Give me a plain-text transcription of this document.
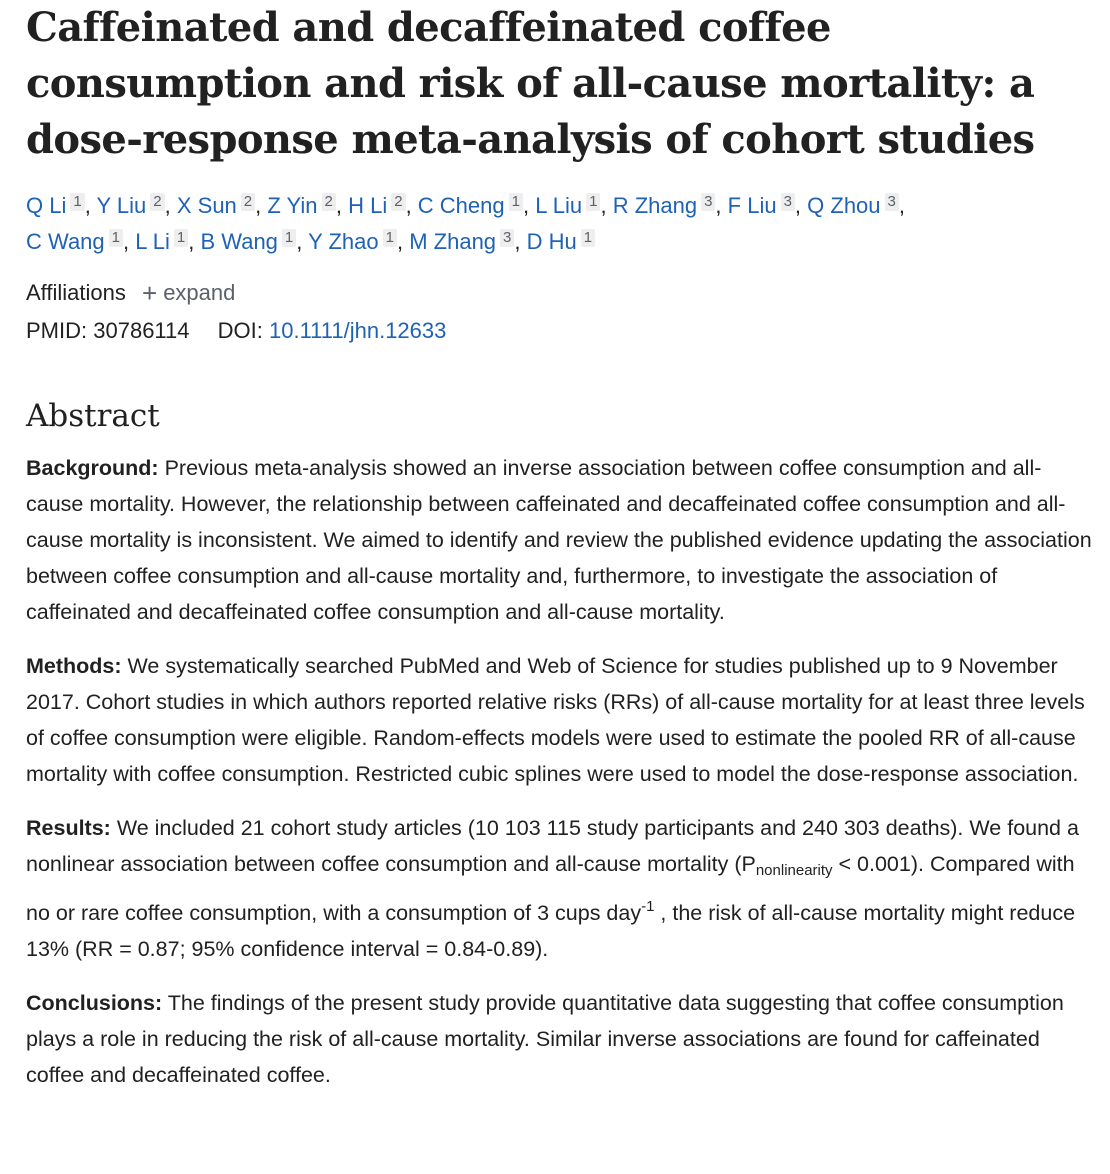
Caffeinated and decaffeinated coffee consumption and risk of all-cause mortality: a dose-response meta-analysis of cohort studies
Q Li 1 , Y Liu 2 , X Sun 2 , Z Yin 2 , H Li 2 , C Cheng 1 , L Liu 1 , R Zhang 3 , F Liu 3 , Q Zhou 3 ,
C Wang 1 , L Li 1 , B Wang 1 , Y Zhao 1 , M Zhang 3 , D Hu 1
Affiliations + expand
PMID: 30786114 DOI: 10.1111/jhn.12633
Abstract

Background: Previous meta-analysis showed an inverse association between coffee consumption and all-cause mortality. However, the relationship between caffeinated and decaffeinated coffee consumption and all-cause mortality is inconsistent. We aimed to identify and review the published evidence updating the association between coffee consumption and all-cause mortality and, furthermore, to investigate the association of caffeinated and decaffeinated coffee consumption and all-cause mortality.

Methods: We systematically searched PubMed and Web of Science for studies published up to 9 November 2017. Cohort studies in which authors reported relative risks (RRs) of all-cause mortality for at least three levels of coffee consumption were eligible. Random-effects models were used to estimate the pooled RR of all-cause mortality with coffee consumption. Restricted cubic splines were used to model the dose-response association.

Results: We included 21 cohort study articles (10 103 115 study participants and 240 303 deaths). We found a nonlinear association between coffee consumption and all-cause mortality $(P_{nonlinearity} < 0.001)$. Compared with no or rare coffee consumption, with a consumption of 3 cups day$^{-1}$ , the risk of all-cause mortality might reduce 13% (RR = 0.87; 95% confidence interval = 0.84-0.89).

Conclusions: The findings of the present study provide quantitative data suggesting that coffee consumption plays a role in reducing the risk of all-cause mortality. Similar inverse associations are found for caffeinated coffee and decaffeinated coffee.
